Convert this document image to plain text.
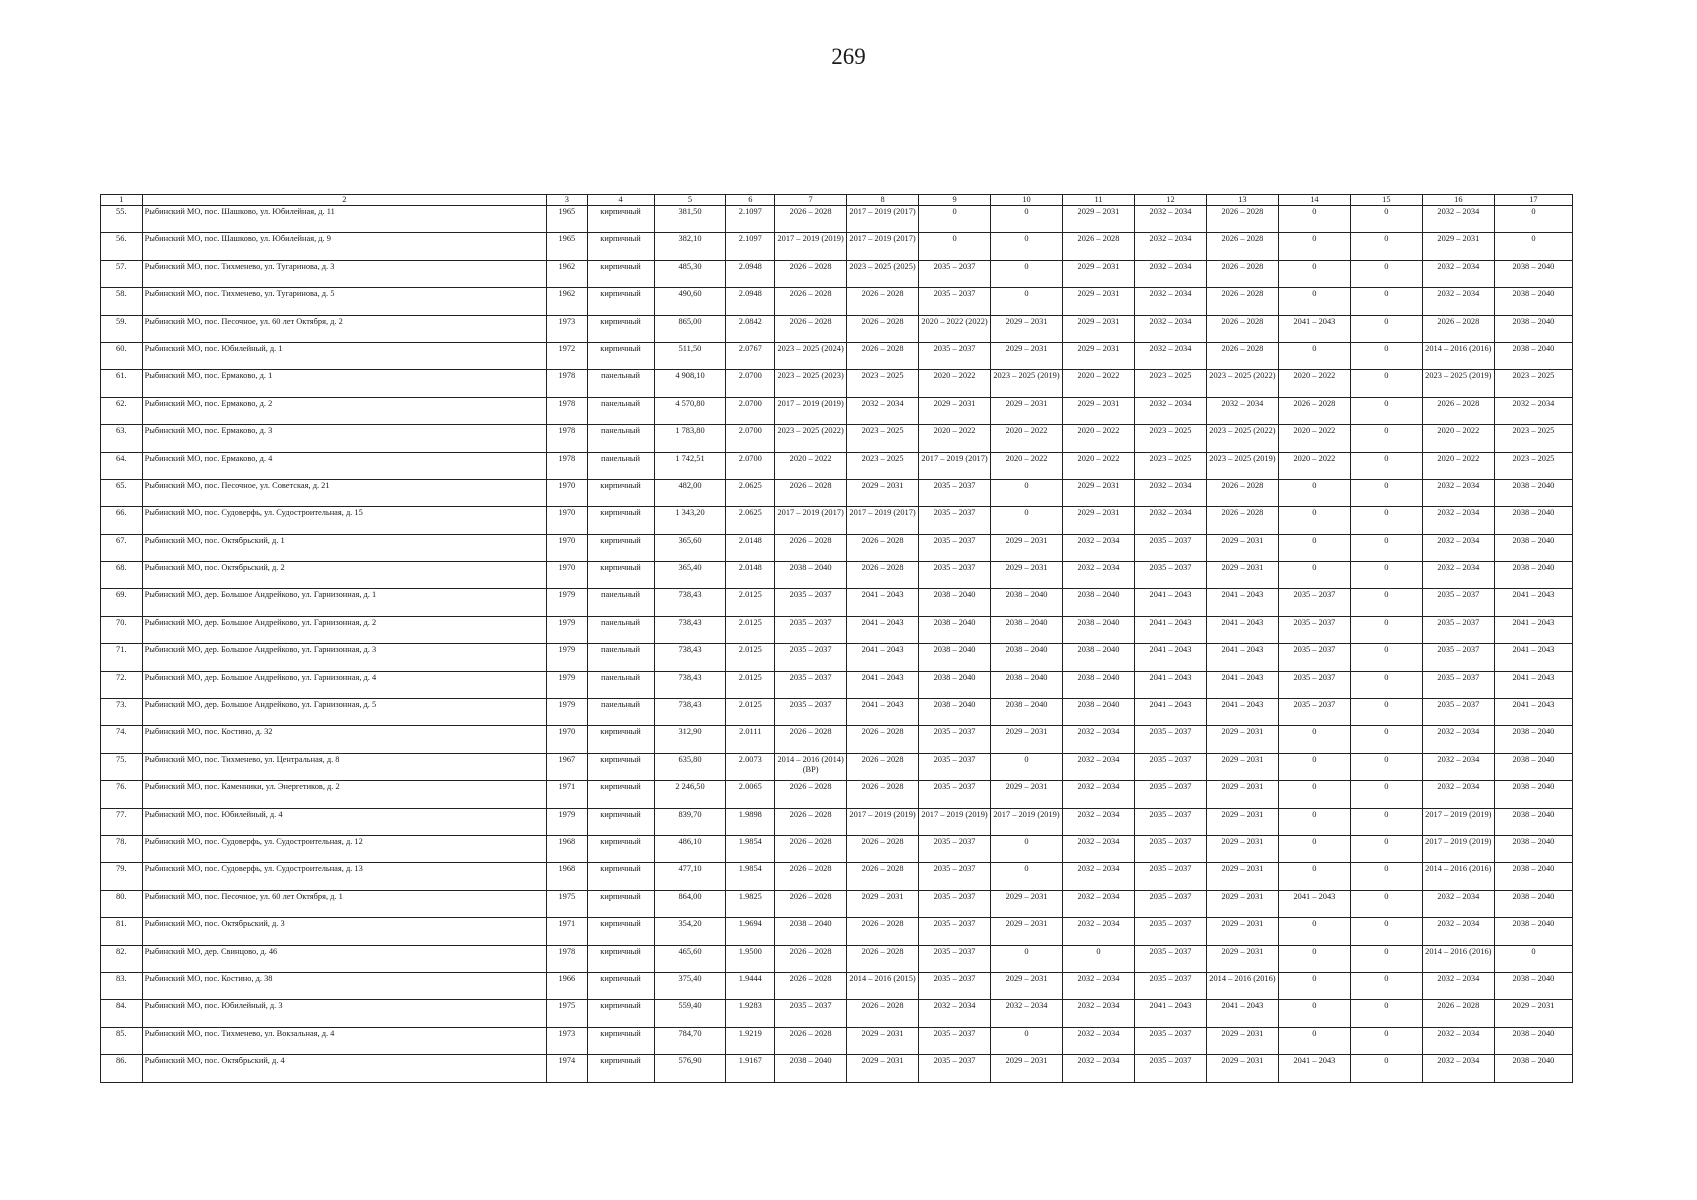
269
1	2	3	4	5	6	7	8	9	10	11	12	13	14	15	16	17

55.	Рыбинский МО, пос. Шашково, ул. Юбилейная, д. 11	1965	кирпичный	381,50	2.1097	2026 – 2028	2017 – 2019 (2017)	0	0	2029 – 2031	2032 – 2034	2026 – 2028	0	0	2032 – 2034	0

56.	Рыбинский МО, пос. Шашково, ул. Юбилейная, д. 9	1965	кирпичный	382,10	2.1097	2017 – 2019 (2019)	2017 – 2019 (2017)	0	0	2026 – 2028	2032 – 2034	2026 – 2028	0	0	2029 – 2031	0

57.	Рыбинский МО, пос. Тихменево, ул. Тугаринова, д. 3	1962	кирпичный	485,30	2.0948	2026 – 2028	2023 – 2025 (2025)	2035 – 2037	0	2029 – 2031	2032 – 2034	2026 – 2028	0	0	2032 – 2034	2038 – 2040

58.	Рыбинский МО, пос. Тихменево, ул. Тугаринова, д. 5	1962	кирпичный	490,60	2.0948	2026 – 2028	2026 – 2028	2035 – 2037	0	2029 – 2031	2032 – 2034	2026 – 2028	0	0	2032 – 2034	2038 – 2040

59.	Рыбинский МО, пос. Песочное, ул. 60 лет Октября, д. 2	1973	кирпичный	865,00	2.0842	2026 – 2028	2026 – 2028	2020 – 2022 (2022)	2029 – 2031	2029 – 2031	2032 – 2034	2026 – 2028	2041 – 2043	0	2026 – 2028	2038 – 2040

60.	Рыбинский МО, пос. Юбилейный, д. 1	1972	кирпичный	511,50	2.0767	2023 – 2025 (2024)	2026 – 2028	2035 – 2037	2029 – 2031	2029 – 2031	2032 – 2034	2026 – 2028	0	0	2014 – 2016 (2016)	2038 – 2040

61.	Рыбинский МО, пос. Ермаково, д. 1	1978	панельный	4 908,10	2.0700	2023 – 2025 (2023)	2023 – 2025	2020 – 2022	2023 – 2025 (2019)	2020 – 2022	2023 – 2025	2023 – 2025 (2022)	2020 – 2022	0	2023 – 2025 (2019)	2023 – 2025

62.	Рыбинский МО, пос. Ермаково, д. 2	1978	панельный	4 570,80	2.0700	2017 – 2019 (2019)	2032 – 2034	2029 – 2031	2029 – 2031	2029 – 2031	2032 – 2034	2032 – 2034	2026 – 2028	0	2026 – 2028	2032 – 2034

63.	Рыбинский МО, пос. Ермаково, д. 3	1978	панельный	1 783,80	2.0700	2023 – 2025 (2022)	2023 – 2025	2020 – 2022	2020 – 2022	2020 – 2022	2023 – 2025	2023 – 2025 (2022)	2020 – 2022	0	2020 – 2022	2023 – 2025

64.	Рыбинский МО, пос. Ермаково, д. 4	1978	панельный	1 742,51	2.0700	2020 – 2022	2023 – 2025	2017 – 2019 (2017)	2020 – 2022	2020 – 2022	2023 – 2025	2023 – 2025 (2019)	2020 – 2022	0	2020 – 2022	2023 – 2025

65.	Рыбинский МО, пос. Песочное, ул. Советская, д. 21	1970	кирпичный	482,00	2.0625	2026 – 2028	2029 – 2031	2035 – 2037	0	2029 – 2031	2032 – 2034	2026 – 2028	0	0	2032 – 2034	2038 – 2040

66.	Рыбинский МО, пос. Судоверфь, ул. Судостроительная, д. 15	1970	кирпичный	1 343,20	2.0625	2017 – 2019 (2017)	2017 – 2019 (2017)	2035 – 2037	0	2029 – 2031	2032 – 2034	2026 – 2028	0	0	2032 – 2034	2038 – 2040

67.	Рыбинский МО, пос. Октябрьский, д. 1	1970	кирпичный	365,60	2.0148	2026 – 2028	2026 – 2028	2035 – 2037	2029 – 2031	2032 – 2034	2035 – 2037	2029 – 2031	0	0	2032 – 2034	2038 – 2040

68.	Рыбинский МО, пос. Октябрьский, д. 2	1970	кирпичный	365,40	2.0148	2038 – 2040	2026 – 2028	2035 – 2037	2029 – 2031	2032 – 2034	2035 – 2037	2029 – 2031	0	0	2032 – 2034	2038 – 2040

69.	Рыбинский МО, дер. Большое Андрейково, ул. Гарнизонная, д. 1	1979	панельный	738,43	2.0125	2035 – 2037	2041 – 2043	2038 – 2040	2038 – 2040	2038 – 2040	2041 – 2043	2041 – 2043	2035 – 2037	0	2035 – 2037	2041 – 2043

70.	Рыбинский МО, дер. Большое Андрейково, ул. Гарнизонная, д. 2	1979	панельный	738,43	2.0125	2035 – 2037	2041 – 2043	2038 – 2040	2038 – 2040	2038 – 2040	2041 – 2043	2041 – 2043	2035 – 2037	0	2035 – 2037	2041 – 2043

71.	Рыбинский МО, дер. Большое Андрейково, ул. Гарнизонная, д. 3	1979	панельный	738,43	2.0125	2035 – 2037	2041 – 2043	2038 – 2040	2038 – 2040	2038 – 2040	2041 – 2043	2041 – 2043	2035 – 2037	0	2035 – 2037	2041 – 2043

72.	Рыбинский МО, дер. Большое Андрейково, ул. Гарнизонная, д. 4	1979	панельный	738,43	2.0125	2035 – 2037	2041 – 2043	2038 – 2040	2038 – 2040	2038 – 2040	2041 – 2043	2041 – 2043	2035 – 2037	0	2035 – 2037	2041 – 2043

73.	Рыбинский МО, дер. Большое Андрейково, ул. Гарнизонная, д. 5	1979	панельный	738,43	2.0125	2035 – 2037	2041 – 2043	2038 – 2040	2038 – 2040	2038 – 2040	2041 – 2043	2041 – 2043	2035 – 2037	0	2035 – 2037	2041 – 2043

74.	Рыбинский МО, пос. Костино, д. 32	1970	кирпичный	312,90	2.0111	2026 – 2028	2026 – 2028	2035 – 2037	2029 – 2031	2032 – 2034	2035 – 2037	2029 – 2031	0	0	2032 – 2034	2038 – 2040

75.	Рыбинский МО, пос. Тихменево, ул. Центральная, д. 8	1967	кирпичный	635,80	2.0073	2014 – 2016 (2014) (ВР)	2026 – 2028	2035 – 2037	0	2032 – 2034	2035 – 2037	2029 – 2031	0	0	2032 – 2034	2038 – 2040

76.	Рыбинский МО, пос. Каменники, ул. Энергетиков, д. 2	1971	кирпичный	2 246,50	2.0065	2026 – 2028	2026 – 2028	2035 – 2037	2029 – 2031	2032 – 2034	2035 – 2037	2029 – 2031	0	0	2032 – 2034	2038 – 2040

77.	Рыбинский МО, пос. Юбилейный, д. 4	1979	кирпичный	839,70	1.9898	2026 – 2028	2017 – 2019 (2019)	2017 – 2019 (2019)	2017 – 2019 (2019)	2032 – 2034	2035 – 2037	2029 – 2031	0	0	2017 – 2019 (2019)	2038 – 2040

78.	Рыбинский МО, пос. Судоверфь, ул. Судостроительная, д. 12	1968	кирпичный	486,10	1.9854	2026 – 2028	2026 – 2028	2035 – 2037	0	2032 – 2034	2035 – 2037	2029 – 2031	0	0	2017 – 2019 (2019)	2038 – 2040

79.	Рыбинский МО, пос. Судоверфь, ул. Судостроительная, д. 13	1968	кирпичный	477,10	1.9854	2026 – 2028	2026 – 2028	2035 – 2037	0	2032 – 2034	2035 – 2037	2029 – 2031	0	0	2014 – 2016 (2016)	2038 – 2040

80.	Рыбинский МО, пос. Песочное, ул. 60 лет Октября, д. 1	1975	кирпичный	864,00	1.9825	2026 – 2028	2029 – 2031	2035 – 2037	2029 – 2031	2032 – 2034	2035 – 2037	2029 – 2031	2041 – 2043	0	2032 – 2034	2038 – 2040

81.	Рыбинский МО, пос. Октябрьский, д. 3	1971	кирпичный	354,20	1.9694	2038 – 2040	2026 – 2028	2035 – 2037	2029 – 2031	2032 – 2034	2035 – 2037	2029 – 2031	0	0	2032 – 2034	2038 – 2040

82.	Рыбинский МО, дер. Свинцово, д. 46	1978	кирпичный	465,60	1.9500	2026 – 2028	2026 – 2028	2035 – 2037	0	0	2035 – 2037	2029 – 2031	0	0	2014 – 2016 (2016)	0

83.	Рыбинский МО, пос. Костино, д. 38	1966	кирпичный	375,40	1.9444	2026 – 2028	2014 – 2016 (2015)	2035 – 2037	2029 – 2031	2032 – 2034	2035 – 2037	2014 – 2016 (2016)	0	0	2032 – 2034	2038 – 2040

84.	Рыбинский МО, пос. Юбилейный, д. 3	1975	кирпичный	559,40	1.9283	2035 – 2037	2026 – 2028	2032 – 2034	2032 – 2034	2032 – 2034	2041 – 2043	2041 – 2043	0	0	2026 – 2028	2029 – 2031

85.	Рыбинский МО, пос. Тихменево, ул. Вокзальная, д. 4	1973	кирпичный	784,70	1.9219	2026 – 2028	2029 – 2031	2035 – 2037	0	2032 – 2034	2035 – 2037	2029 – 2031	0	0	2032 – 2034	2038 – 2040

86.	Рыбинский МО, пос. Октябрьский, д. 4	1974	кирпичный	576,90	1.9167	2038 – 2040	2029 – 2031	2035 – 2037	2029 – 2031	2032 – 2034	2035 – 2037	2029 – 2031	2041 – 2043	0	2032 – 2034	2038 – 2040
